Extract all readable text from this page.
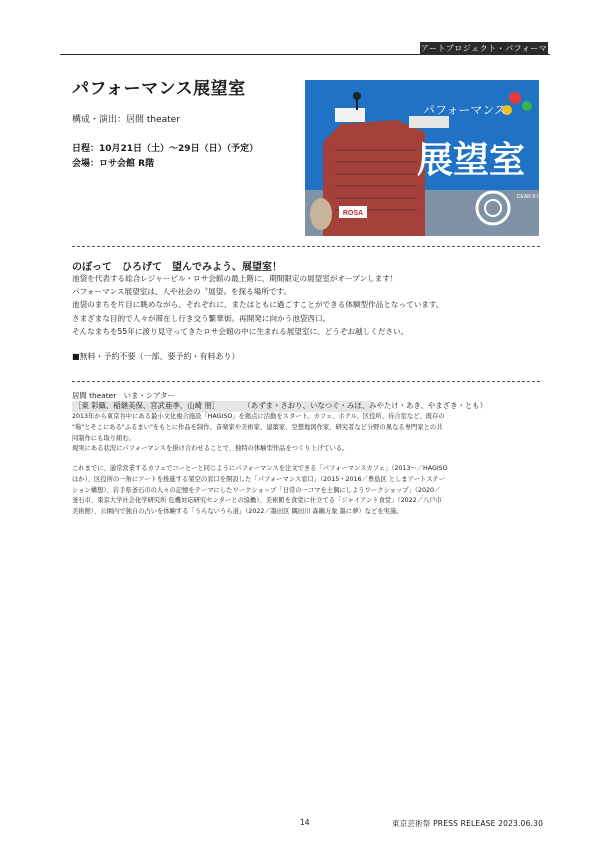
アートプロジェクト・パフォーマンス
パフォーマンス展望室
構成・演出：居間 theater
日程：10月21日（土）～29日（日）（予定）
会場：ロサ会館 R階
ROSA
パフォーマンス
展望室
DEAR B.O.
のぼって　ひろげて　望んでみよう、展望室！

池袋を代表する総合レジャービル・ロサ会館の最上階に、期間限定の展望室がオープンします！

パフォーマンス展望室は、人や社会の〝展望〟を探る場所です。

池袋のまちを片目に眺めながら、それぞれに、またはともに過ごすことができる体験型作品となっています。

さまざまな目的で人々が滞在し行き交う繁華街。再開発に向かう池袋西口。

そんなまちを55年に渡り見守ってきたロサ会館の中に生まれる展望室に、どうぞお越しください。

■無料・予約不要（一部、要予約・有料あり）
居間 theater　いま・シアター
［東 彩織、稲継美保、宮武亜季、山崎 朋］	（あずま・さおり、いなつぐ・みほ、みやたけ・あき、やまざき・とも）

2013年から東京谷中にある最小文化複合施設「HAGISO」を拠点に活動をスタート。カフェ、ホテル、区役所、待合室など、既存の

"場"とそこにある"ふるまい"をもとに作品を制作。音楽家や美術家、建築家、空想地図作家、研究者など分野の異なる専門家との共

同制作にも取り組む。

現実にある状況にパフォーマンスを掛け合わせることで、独特の体験型作品をつくり上げている。

これまでに、通常営業するカフェでコーヒーと同じようにパフォーマンスを注文できる「パフォーマンスカフェ」（2013〜／HAGISO

ほか）、区役所の一角にアートを推進する架空の窓口を開設した「パフォーマンス窓口」（2015・2016／豊島区 としまアートステー

ション構想）、岩手県釜石市の人々の記憶をテーマにしたワークショップ「日常の一コマを土偶にしようワークショップ」（2020／

釜石市、東京大学社会化学研究所 危機対応研究センターとの協働）、美術館を食堂に仕立てる「ジャイアント食堂」（2022／八戸市

美術館）、公園内で独自の占いを体験する「うらないうら道」（2022／墨田区 隅田川 森鷗万象 墨に夢）などを実施。

14	東京芸術祭 PRESS RELEASE 2023.06.30
